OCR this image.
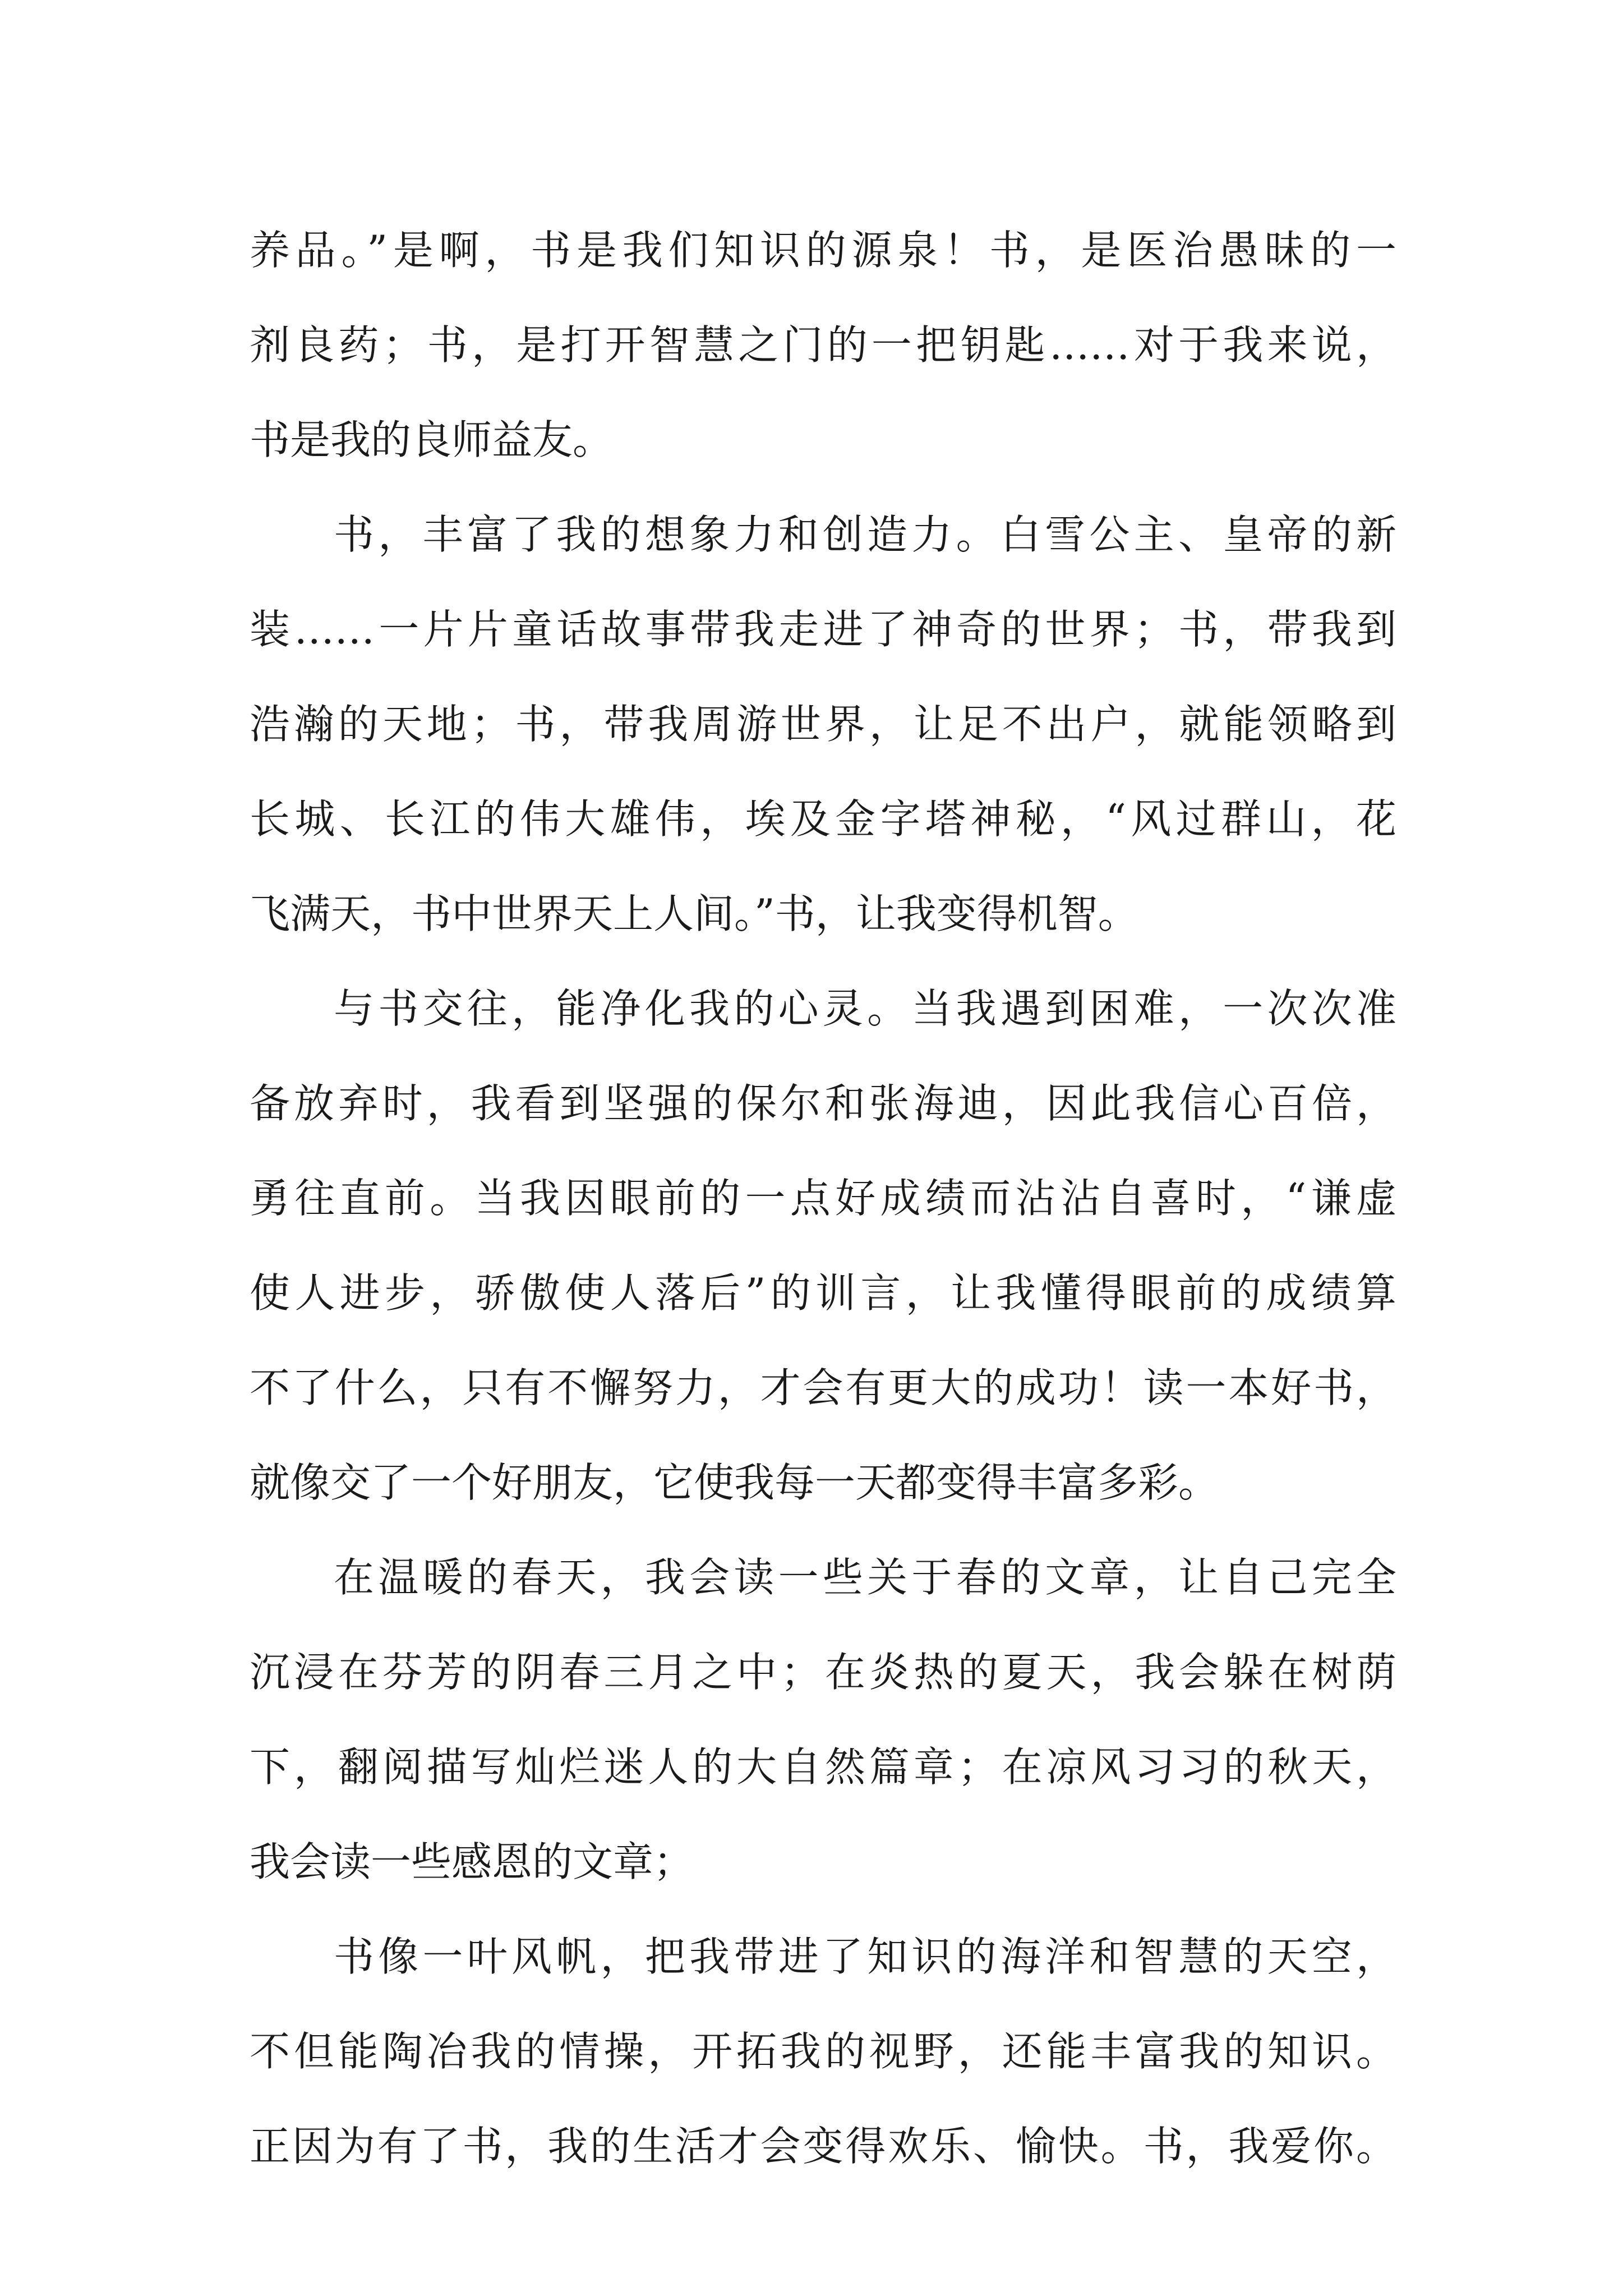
养品。”是啊，书是我们知识的源泉！书，是医治愚昧的一
剂良药；书，是打开智慧之门的一把钥匙……对于我来说，
书是我的良师益友。
书，丰富了我的想象力和创造力。白雪公主、皇帝的新
装……一片片童话故事带我走进了神奇的世界；书，带我到
浩瀚的天地；书，带我周游世界，让足不出户，就能领略到
长城、长江的伟大雄伟，埃及金字塔神秘，“风过群山，花
飞满天，书中世界天上人间。”书，让我变得机智。
与书交往，能净化我的心灵。当我遇到困难，一次次准
备放弃时，我看到坚强的保尔和张海迪，因此我信心百倍，
勇往直前。当我因眼前的一点好成绩而沾沾自喜时，“谦虚
使人进步，骄傲使人落后”的训言，让我懂得眼前的成绩算
不了什么，只有不懈努力，才会有更大的成功！读一本好书，
就像交了一个好朋友，它使我每一天都变得丰富多彩。
在温暖的春天，我会读一些关于春的文章，让自己完全
沉浸在芬芳的阴春三月之中；在炎热的夏天，我会躲在树荫
下，翻阅描写灿烂迷人的大自然篇章；在凉风习习的秋天，
我会读一些感恩的文章；
书像一叶风帆，把我带进了知识的海洋和智慧的天空，
不但能陶冶我的情操，开拓我的视野，还能丰富我的知识。
正因为有了书，我的生活才会变得欢乐、愉快。书，我爱你。
